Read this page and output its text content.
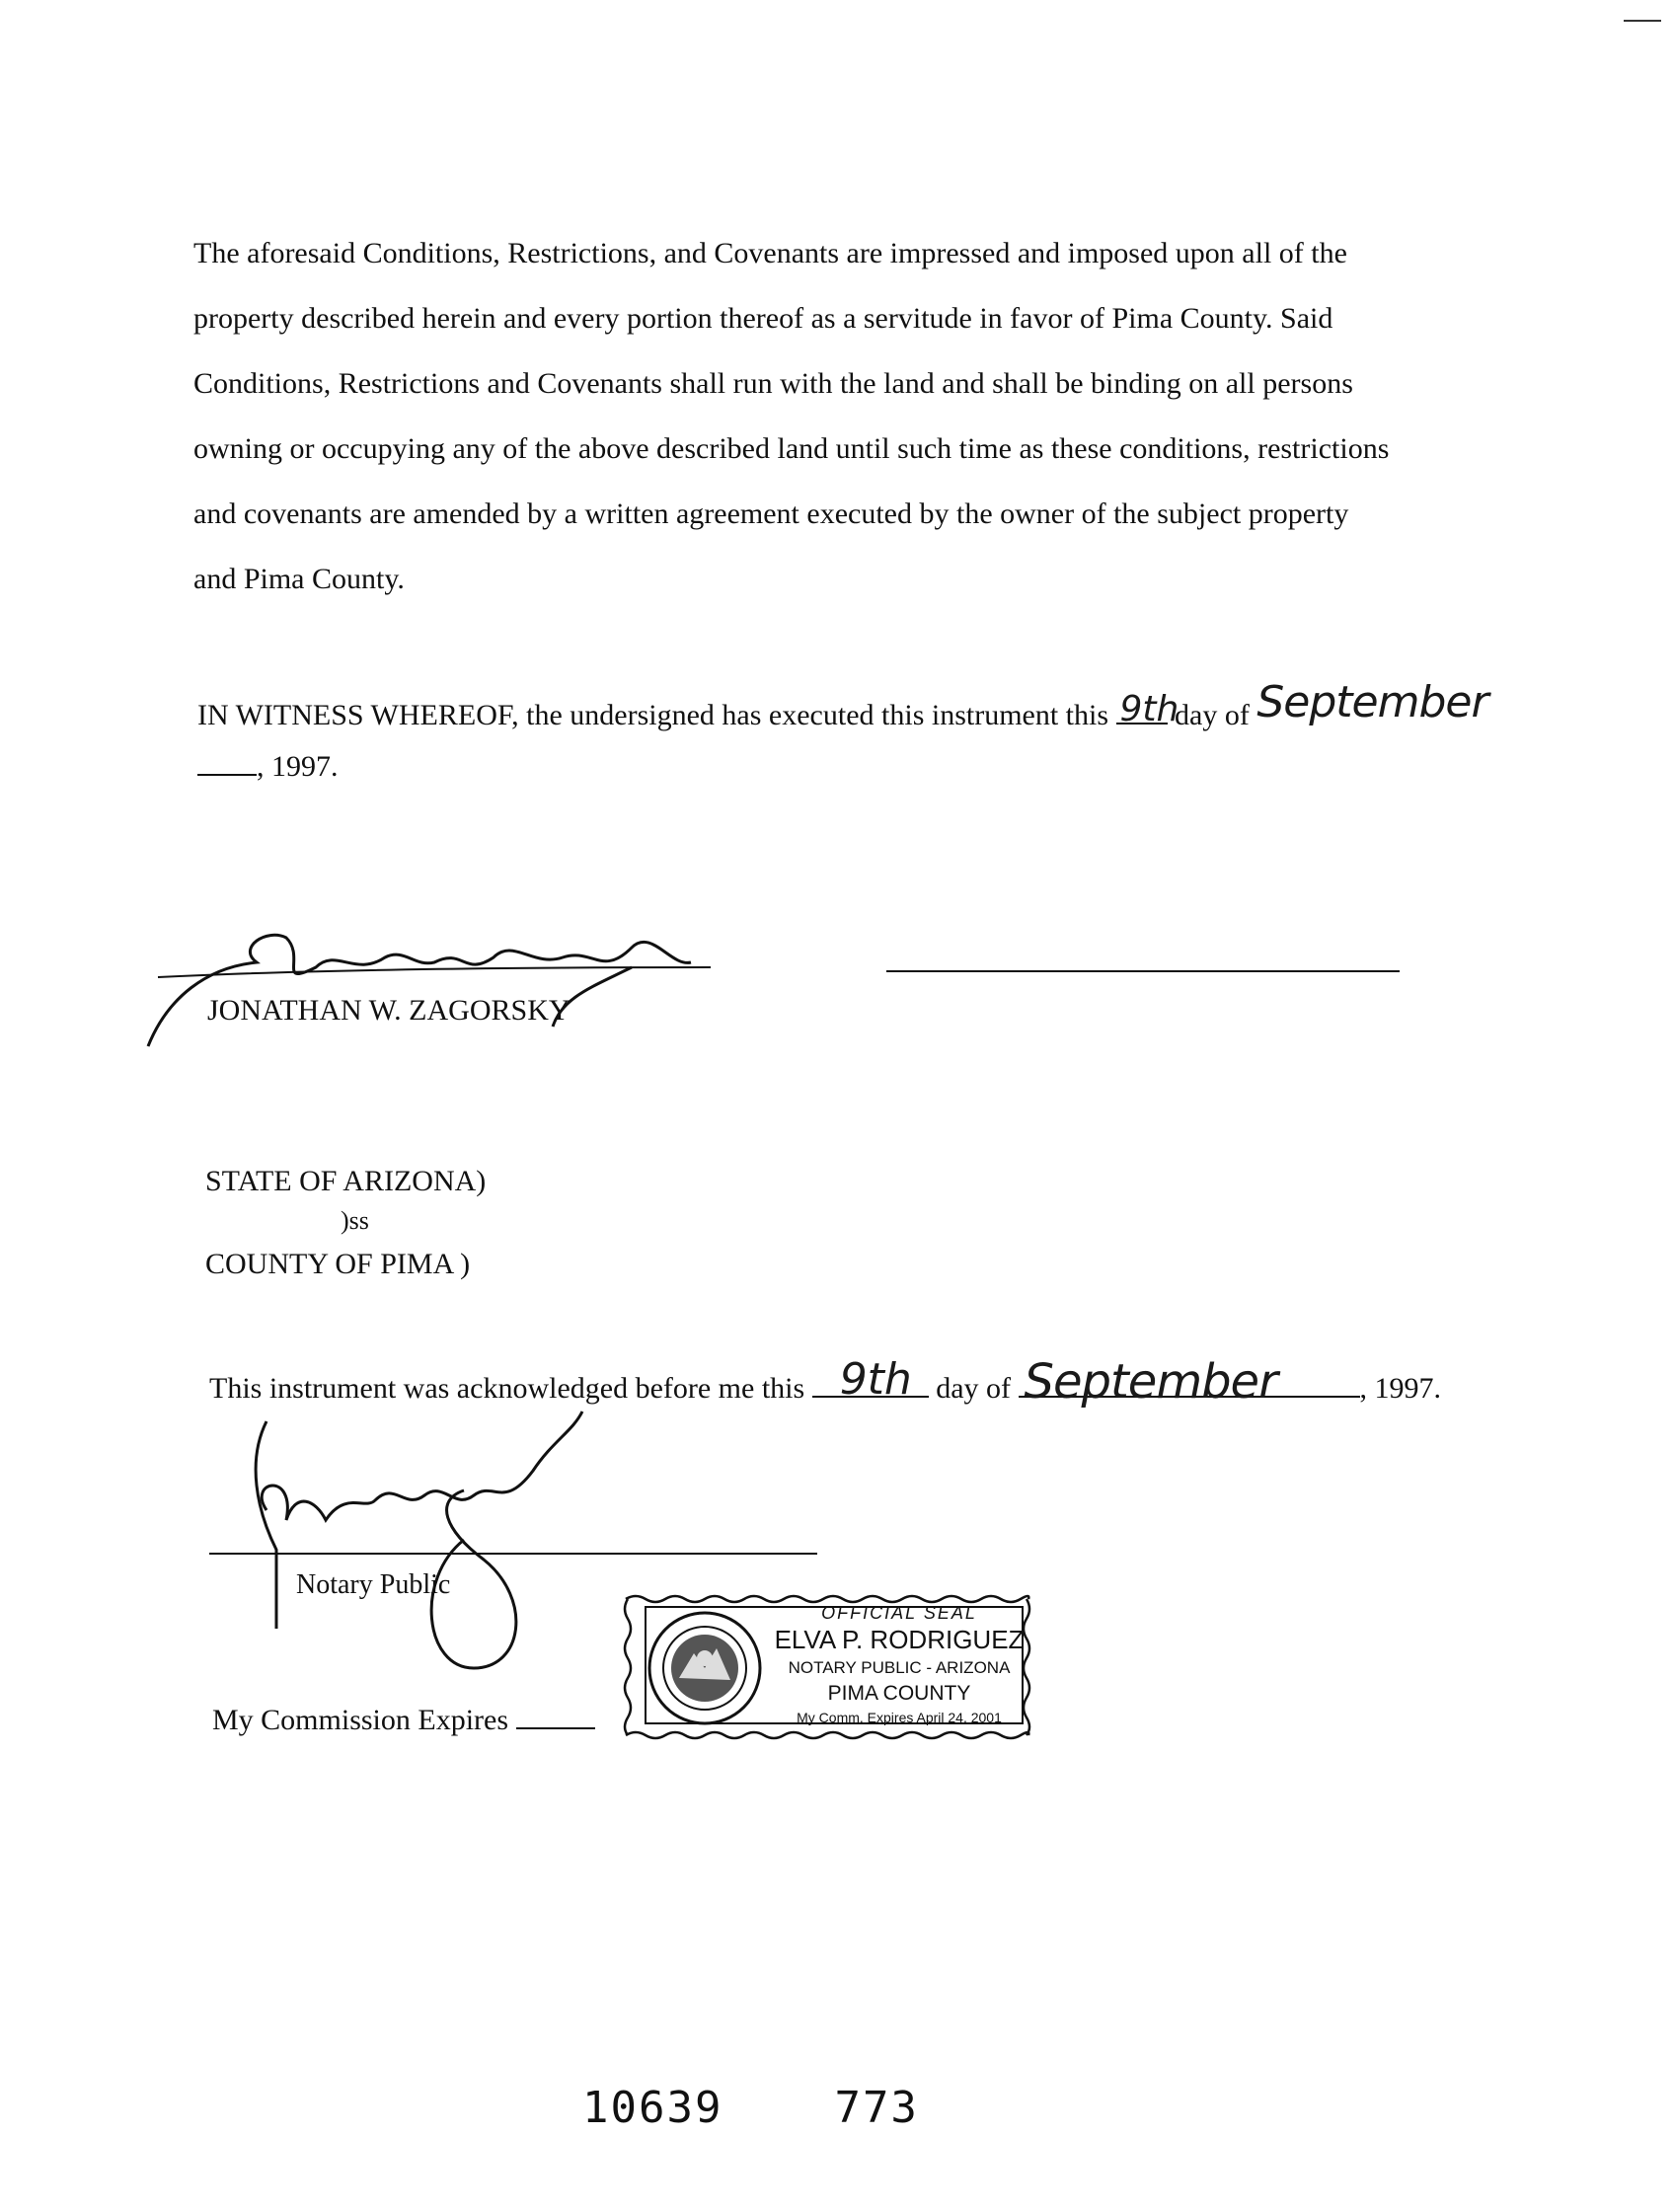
The aforesaid Conditions, Restrictions, and Covenants are impressed and imposed upon all of the
property described herein and every portion thereof as a servitude in favor of Pima County. Said
Conditions, Restrictions and Covenants shall run with the land and shall be binding on all persons
owning or occupying any of the above described land until such time as these conditions, restrictions
and covenants are amended by a written agreement executed by the owner of the subject property
and Pima County.
IN WITNESS WHEREOF, the undersigned has executed this instrument this 9th
day of September
, 1997.
JONATHAN W. ZAGORSKY
STATE OF ARIZONA)
)ss
COUNTY OF PIMA )
This instrument was acknowledged before me this 9th day of September	, 1997.
Notary Public
My Commission Expires
OFFICIAL SEAL
ELVA P. RODRIGUEZ
NOTARY PUBLIC - ARIZONA
PIMA COUNTY
My Comm. Expires April 24, 2001
10639	773
